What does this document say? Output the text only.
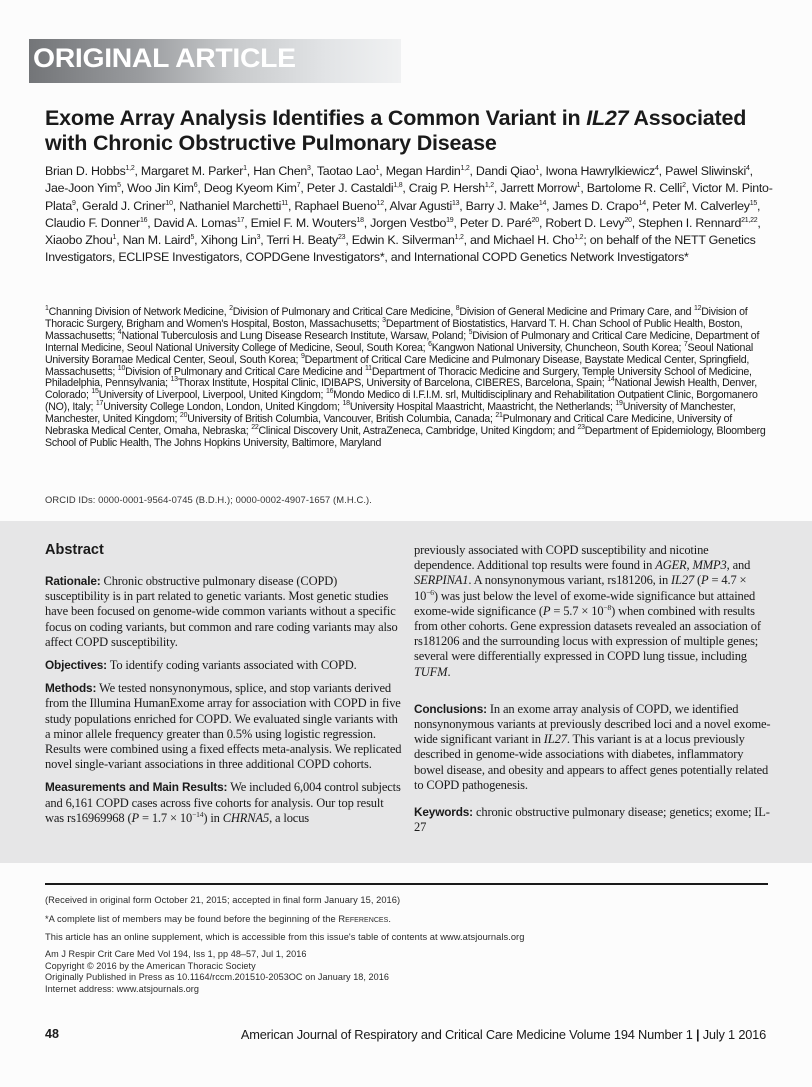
ORIGINAL ARTICLE
Exome Array Analysis Identifies a Common Variant in IL27 Associated with Chronic Obstructive Pulmonary Disease
Brian D. Hobbs$^{1,2}$, Margaret M. Parker$^1$, Han Chen$^3$, Taotao Lao$^1$, Megan Hardin$^{1,2}$, Dandi Qiao$^1$, Iwona Hawrylkiewicz$^4$, Pawel Sliwinski$^4$, Jae-Joon Yim$^5$, Woo Jin Kim$^6$, Deog Kyeom Kim$^7$, Peter J. Castaldi$^{1,8}$, Craig P. Hersh$^{1,2}$, Jarrett Morrow$^1$, Bartolome R. Celli$^2$, Victor M. Pinto-Plata$^9$, Gerald J. Criner$^{10}$, Nathaniel Marchetti$^{11}$, Raphael Bueno$^{12}$, Alvar Agusti$^{13}$, Barry J. Make$^{14}$, James D. Crapo$^{14}$, Peter M. Calverley$^{15}$, Claudio F. Donner$^{16}$, David A. Lomas$^{17}$, Emiel F. M. Wouters$^{18}$, Jorgen Vestbo$^{19}$, Peter D. Paré$^{20}$, Robert D. Levy$^{20}$, Stephen I. Rennard$^{21,22}$, Xiaobo Zhou$^1$, Nan M. Laird$^5$, Xihong Lin$^3$, Terri H. Beaty$^{23}$, Edwin K. Silverman$^{1,2}$, and Michael H. Cho$^{1,2}$; on behalf of the NETT Genetics Investigators, ECLIPSE Investigators, COPDGene Investigators*, and International COPD Genetics Network Investigators*
$^1$Channing Division of Network Medicine, $^2$Division of Pulmonary and Critical Care Medicine, $^8$Division of General Medicine and Primary Care, and $^{12}$Division of Thoracic Surgery, Brigham and Women's Hospital, Boston, Massachusetts; $^3$Department of Biostatistics, Harvard T. H. Chan School of Public Health, Boston, Massachusetts; $^4$National Tuberculosis and Lung Disease Research Institute, Warsaw, Poland; $^5$Division of Pulmonary and Critical Care Medicine, Department of Internal Medicine, Seoul National University College of Medicine, Seoul, South Korea; $^6$Kangwon National University, Chuncheon, South Korea; $^7$Seoul National University Boramae Medical Center, Seoul, South Korea; $^9$Department of Critical Care Medicine and Pulmonary Disease, Baystate Medical Center, Springfield, Massachusetts; $^{10}$Division of Pulmonary and Critical Care Medicine and $^{11}$Department of Thoracic Medicine and Surgery, Temple University School of Medicine, Philadelphia, Pennsylvania; $^{13}$Thorax Institute, Hospital Clinic, IDIBAPS, University of Barcelona, CIBERES, Barcelona, Spain; $^{14}$National Jewish Health, Denver, Colorado; $^{15}$University of Liverpool, Liverpool, United Kingdom; $^{16}$Mondo Medico di I.F.I.M. srl, Multidisciplinary and Rehabilitation Outpatient Clinic, Borgomanero (NO), Italy; $^{17}$University College London, London, United Kingdom; $^{18}$University Hospital Maastricht, Maastricht, the Netherlands; $^{19}$University of Manchester, Manchester, United Kingdom; $^{20}$University of British Columbia, Vancouver, British Columbia, Canada; $^{21}$Pulmonary and Critical Care Medicine, University of Nebraska Medical Center, Omaha, Nebraska; $^{22}$Clinical Discovery Unit, AstraZeneca, Cambridge, United Kingdom; and $^{23}$Department of Epidemiology, Bloomberg School of Public Health, The Johns Hopkins University, Baltimore, Maryland
ORCID IDs: 0000-0001-9564-0745 (B.D.H.); 0000-0002-4907-1657 (M.H.C.).
Abstract

Rationale: Chronic obstructive pulmonary disease (COPD) susceptibility is in part related to genetic variants. Most genetic studies have been focused on genome-wide common variants without a specific focus on coding variants, but common and rare coding variants may also affect COPD susceptibility.

Objectives: To identify coding variants associated with COPD.

Methods: We tested nonsynonymous, splice, and stop variants derived from the Illumina HumanExome array for association with COPD in five study populations enriched for COPD. We evaluated single variants with a minor allele frequency greater than 0.5% using logistic regression. Results were combined using a fixed effects meta-analysis. We replicated novel single-variant associations in three additional COPD cohorts.

Measurements and Main Results: We included 6,004 control subjects and 6,161 COPD cases across five cohorts for analysis. Our top result was rs16969968 $(P = 1.7 \times 10^{-14})$ in CHRNA5, a locus

previously associated with COPD susceptibility and nicotine dependence. Additional top results were found in AGER, MMP3, and SERPINA1. A nonsynonymous variant, rs181206, in IL27 $(P = 4.7 \times 10^{-6})$ was just below the level of exome-wide significance but attained exome-wide significance $(P = 5.7 \times 10^{-8})$ when combined with results from other cohorts. Gene expression datasets revealed an association of rs181206 and the surrounding locus with expression of multiple genes; several were differentially expressed in COPD lung tissue, including TUFM.

Conclusions: In an exome array analysis of COPD, we identified nonsynonymous variants at previously described loci and a novel exome-wide significant variant in IL27. This variant is at a locus previously described in genome-wide associations with diabetes, inflammatory bowel disease, and obesity and appears to affect genes potentially related to COPD pathogenesis.

Keywords: chronic obstructive pulmonary disease; genetics; exome; IL-27

(Received in original form October 21, 2015; accepted in final form January 15, 2016)
*A complete list of members may be found before the beginning of the References.
This article has an online supplement, which is accessible from this issue's table of contents at www.atsjournals.org
Am J Respir Crit Care Med Vol 194, Iss 1, pp 48–57, Jul 1, 2016
Copyright © 2016 by the American Thoracic Society
Originally Published in Press as 10.1164/rccm.201510-2053OC on January 18, 2016
Internet address: www.atsjournals.org
48	American Journal of Respiratory and Critical Care Medicine Volume 194 Number 1 | July 1 2016
